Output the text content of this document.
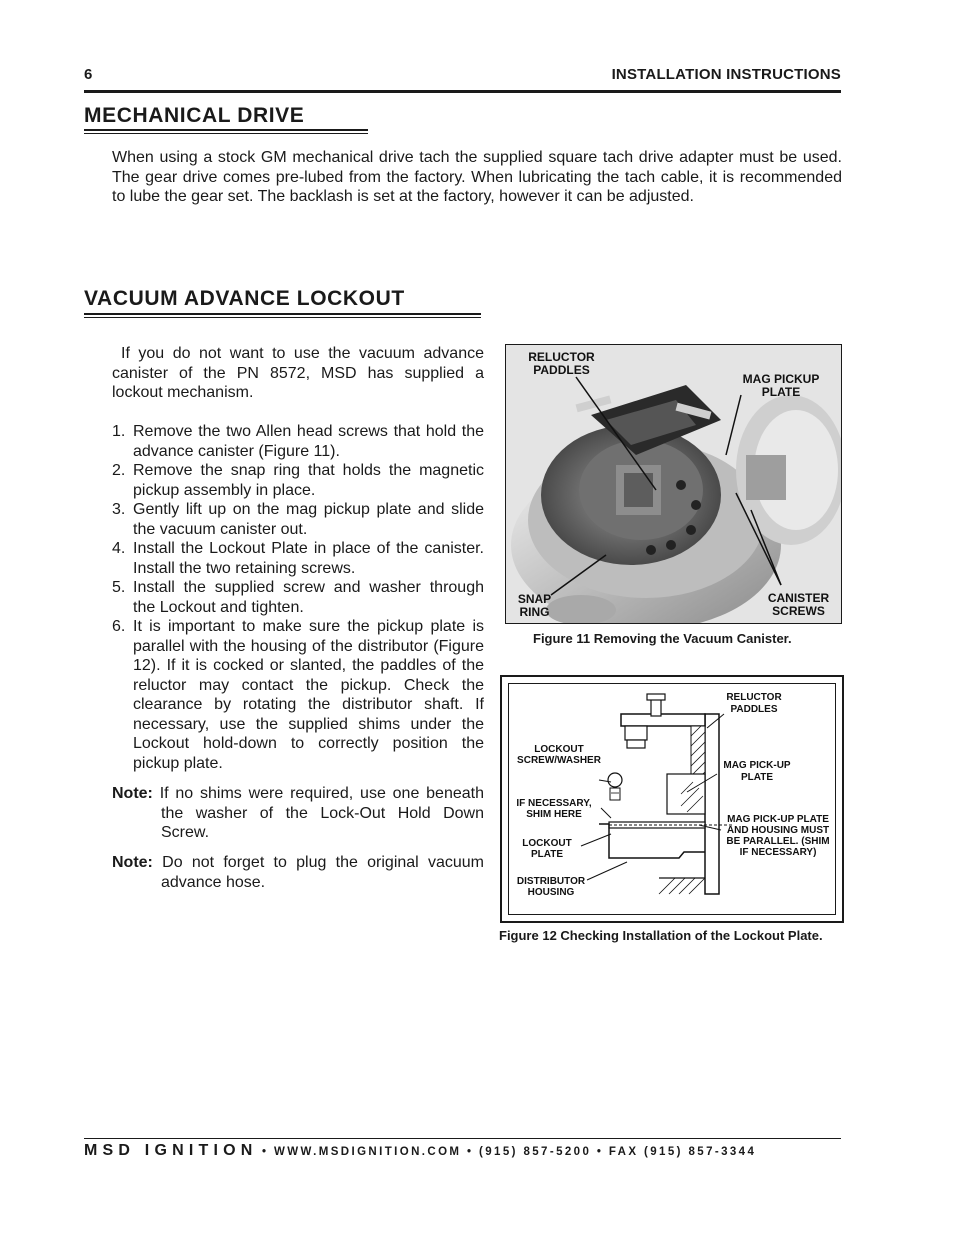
6	INSTALLATION INSTRUCTIONS
MECHANICAL DRIVE
When using a stock GM mechanical drive tach the supplied square tach drive adapter must be used. The gear drive comes pre-lubed from the factory. When lubricating the tach cable, it is recommended to lube the gear set. The backlash is set at the factory, however it can be adjusted.
VACUUM ADVANCE LOCKOUT
If you do not want to use the vacuum advance canister of the PN 8572, MSD has supplied a lockout mechanism.
1. Remove the two Allen head screws that hold the advance canister (Figure 11).
2. Remove the snap ring that holds the magnetic pickup assembly in place.
3. Gently lift up on the mag pickup plate and slide the vacuum canister out.
4. Install the Lockout Plate in place of the canister. Install the two retaining screws.
5. Install the supplied screw and washer through the Lockout and tighten.
6. It is important to make sure the pickup plate is parallel with the housing of the distributor (Figure 12). If it is cocked or slanted, the paddles of the reluctor may contact the pickup. Check the clearance by rotating the distributor shaft. If necessary, use the supplied shims under the Lockout hold-down to correctly position the pickup plate.
Note: If no shims were required, use one beneath the washer of the Lock-Out Hold Down Screw.
Note: Do not forget to plug the original vacuum advance hose.
RELUCTOR PADDLES
MAG PICKUP PLATE
SNAP RING
CANISTER SCREWS
Figure 11 Removing the Vacuum Canister.
RELUCTOR PADDLES
LOCKOUT SCREW/WASHER	MAG PICK-UP PLATE
IF NECESSARY, SHIM HERE	MAG PICK-UP PLATE AND HOUSING MUST BE PARALLEL. (SHIM IF NECESSARY)
LOCKOUT PLATE
DISTRIBUTOR HOUSING
Figure 12 Checking Installation of the Lockout Plate.
MSD IGNITION • WWW.MSDIGNITION.COM • (915) 857-5200 • FAX (915) 857-3344
